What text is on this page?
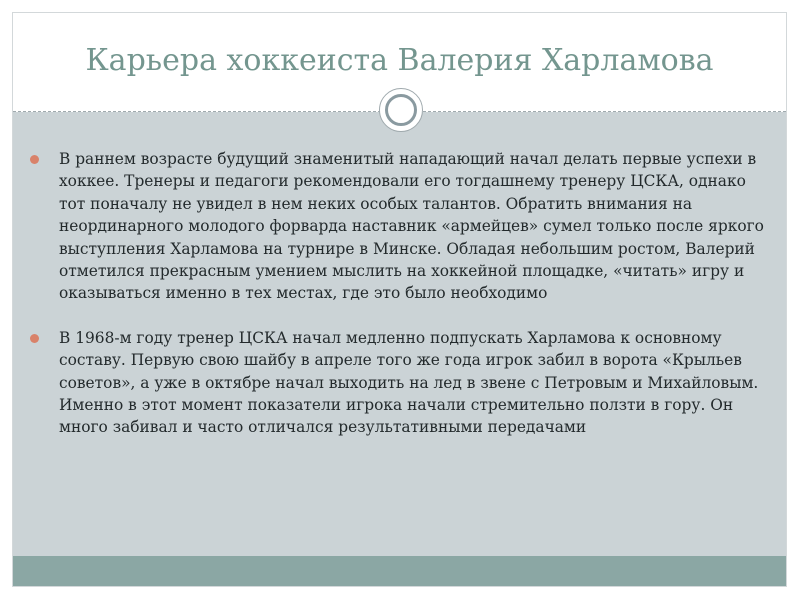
Карьера хоккеиста Валерия Харламова
В раннем возрасте будущий знаменитый нападающий начал делать первые успехи в хоккее. Тренеры и педагоги рекомендовали его тогдашнему тренеру ЦСКА, однако тот поначалу не увидел в нем неких особых талантов. Обратить внимания на неординарного молодого форварда наставник «армейцев» сумел только после яркого выступления Харламова на турнире в Минске. Обладая небольшим ростом, Валерий отметился прекрасным умением мыслить на хоккейной площадке, «читать» игру и оказываться именно в тех местах, где это было необходимо
В 1968-м году тренер ЦСКА начал медленно подпускать Харламова к основному составу. Первую свою шайбу в апреле того же года игрок забил в ворота «Крыльев советов», а уже в октябре начал выходить на лед в звене с Петровым и Михайловым. Именно в этот момент показатели игрока начали стремительно ползти в гору. Он много забивал и часто отличался результативными передачами
